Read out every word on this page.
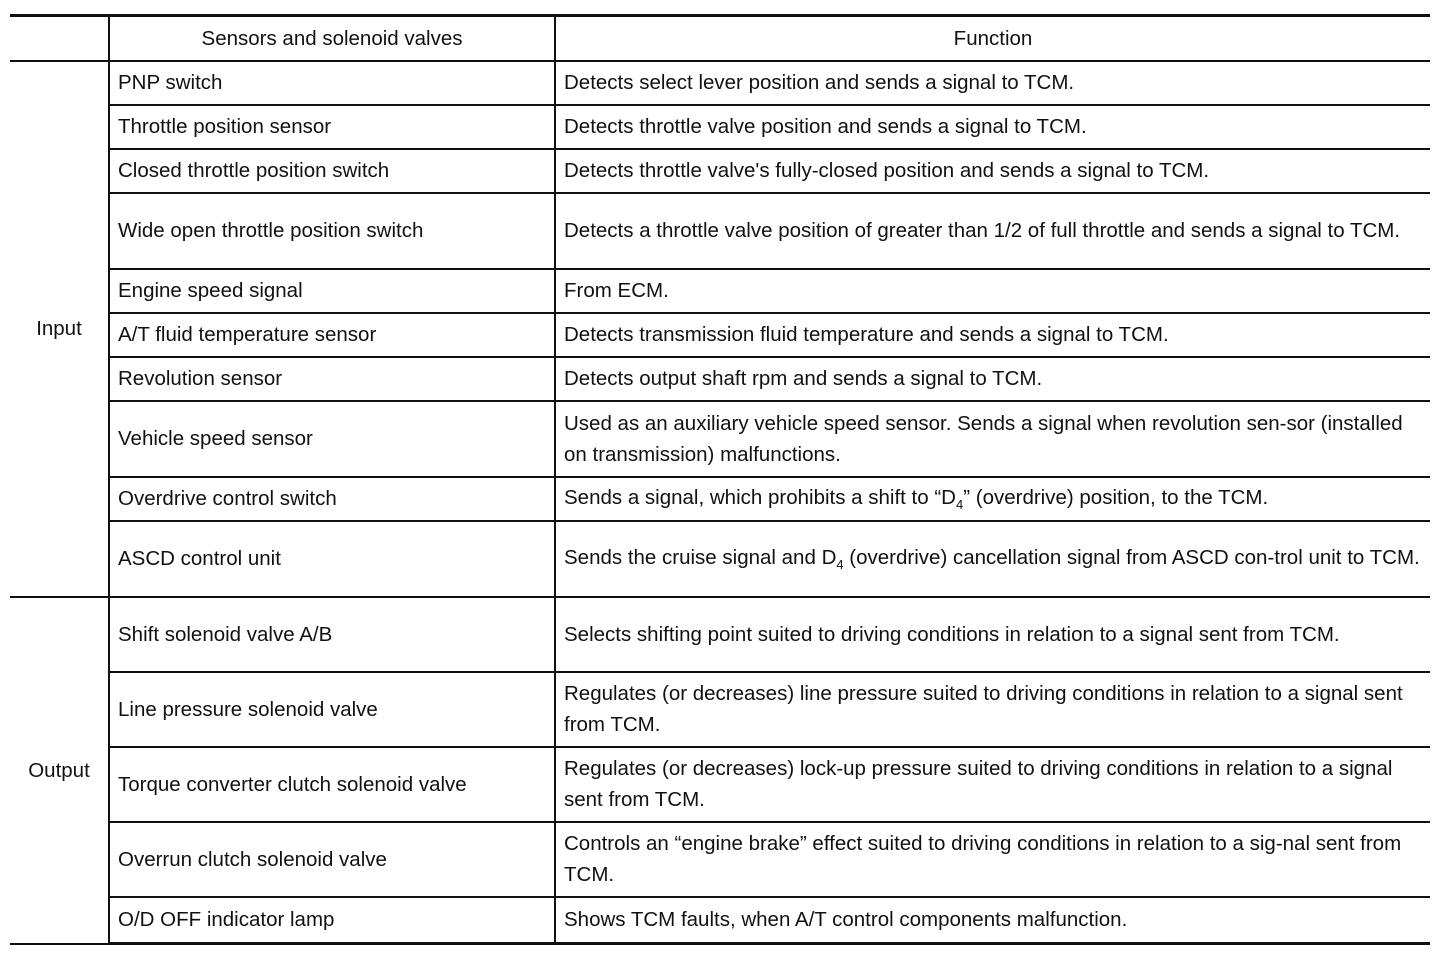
	Sensors and solenoid valves	Function
Input	PNP switch	Detects select lever position and sends a signal to TCM.
	Throttle position sensor	Detects throttle valve position and sends a signal to TCM.
	Closed throttle position switch	Detects throttle valve's fully-closed position and sends a signal to TCM.
	Wide open throttle position switch	Detects a throttle valve position of greater than 1/2 of full throttle and sends a signal to TCM.
	Engine speed signal	From ECM.
	A/T fluid temperature sensor	Detects transmission fluid temperature and sends a signal to TCM.
	Revolution sensor	Detects output shaft rpm and sends a signal to TCM.
	Vehicle speed sensor	Used as an auxiliary vehicle speed sensor. Sends a signal when revolution sen-sor (installed on transmission) malfunctions.
	Overdrive control switch	Sends a signal, which prohibits a shift to “$D_4$” (overdrive) position, to the TCM.
	ASCD control unit	Sends the cruise signal and $D_4$ (overdrive) cancellation signal from ASCD con-trol unit to TCM.
Output	Shift solenoid valve A/B	Selects shifting point suited to driving conditions in relation to a signal sent from TCM.
	Line pressure solenoid valve	Regulates (or decreases) line pressure suited to driving conditions in relation to a signal sent from TCM.
	Torque converter clutch solenoid valve	Regulates (or decreases) lock-up pressure suited to driving conditions in relation to a signal sent from TCM.
	Overrun clutch solenoid valve	Controls an “engine brake” effect suited to driving conditions in relation to a sig-nal sent from TCM.
	O/D OFF indicator lamp	Shows TCM faults, when A/T control components malfunction.
